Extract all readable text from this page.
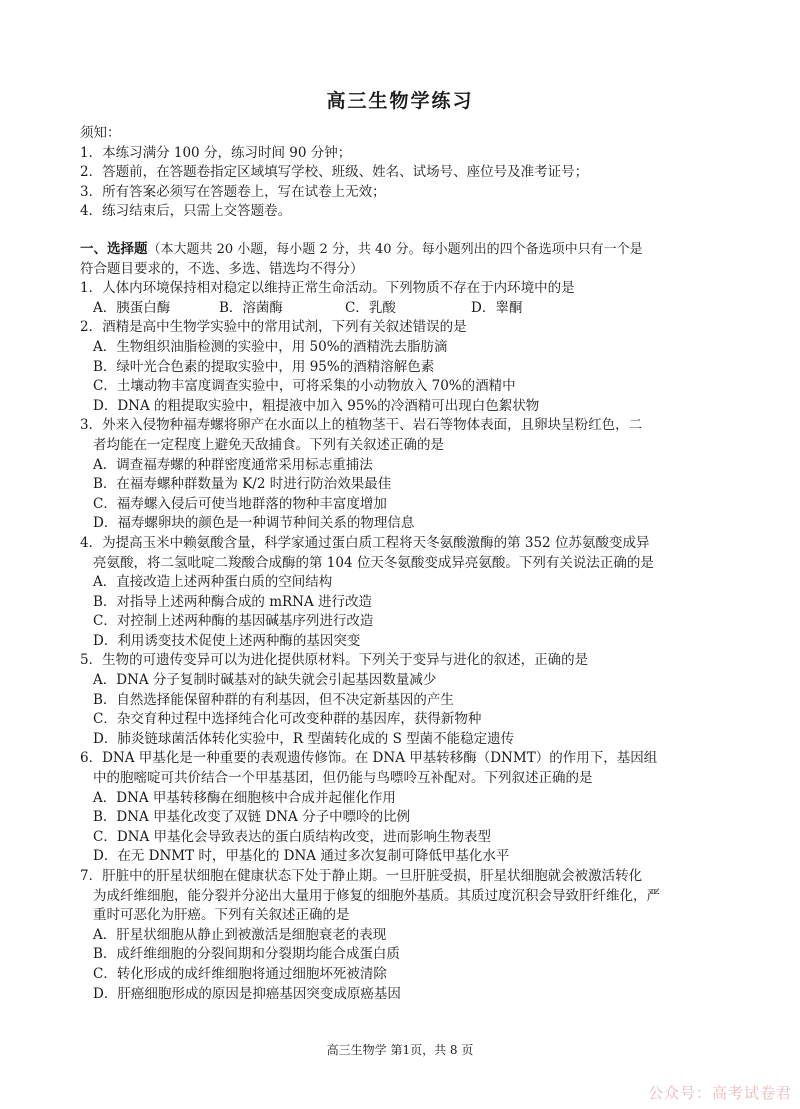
高三生物学练习
须知：
1．本练习满分 100 分，练习时间 90 分钟；
2．答题前，在答题卷指定区域填写学校、班级、姓名、试场号、座位号及准考证号；
3．所有答案必须写在答题卷上，写在试卷上无效；
4．练习结束后，只需上交答题卷。
一、选择题（本大题共 20 小题，每小题 2 分，共 40 分。每小题列出的四个备选项中只有一个是
符合题目要求的，不选、多选、错选均不得分）
1．人体内环境保持相对稳定以维持正常生命活动。下列物质不存在于内环境中的是
A．胰蛋白酶	B．溶菌酶	C．乳酸	D．睾酮
2．酒精是高中生物学实验中的常用试剂，下列有关叙述错误的是
A．生物组织油脂检测的实验中，用 50%的酒精洗去脂肪滴
B．绿叶光合色素的提取实验中，用 95%的酒精溶解色素
C．土壤动物丰富度调查实验中，可将采集的小动物放入 70%的酒精中
D．DNA 的粗提取实验中，粗提液中加入 95%的冷酒精可出现白色絮状物
3．外来入侵物种福寿螺将卵产在水面以上的植物茎干、岩石等物体表面，且卵块呈粉红色，二
者均能在一定程度上避免天敌捕食。下列有关叙述正确的是
A．调查福寿螺的种群密度通常采用标志重捕法
B．在福寿螺种群数量为 K/2 时进行防治效果最佳
C．福寿螺入侵后可使当地群落的物种丰富度增加
D．福寿螺卵块的颜色是一种调节种间关系的物理信息
4．为提高玉米中赖氨酸含量，科学家通过蛋白质工程将天冬氨酸激酶的第 352 位苏氨酸变成异
亮氨酸，将二氢吡啶二羧酸合成酶的第 104 位天冬氨酸变成异亮氨酸。下列有关说法正确的是
A．直接改造上述两种蛋白质的空间结构
B．对指导上述两种酶合成的 mRNA 进行改造
C．对控制上述两种酶的基因碱基序列进行改造
D．利用诱变技术促使上述两种酶的基因突变
5．生物的可遗传变异可以为进化提供原材料。下列关于变异与进化的叙述，正确的是
A．DNA 分子复制时碱基对的缺失就会引起基因数量减少
B．自然选择能保留种群的有利基因，但不决定新基因的产生
C．杂交育种过程中选择纯合化可改变种群的基因库，获得新物种
D．肺炎链球菌活体转化实验中，R 型菌转化成的 S 型菌不能稳定遗传
6．DNA 甲基化是一种重要的表观遗传修饰。在 DNA 甲基转移酶（DNMT）的作用下，基因组
中的胞嘧啶可共价结合一个甲基基团，但仍能与鸟嘌呤互补配对。下列叙述正确的是
A．DNA 甲基转移酶在细胞核中合成并起催化作用
B．DNA 甲基化改变了双链 DNA 分子中嘌呤的比例
C．DNA 甲基化会导致表达的蛋白质结构改变，进而影响生物表型
D．在无 DNMT 时，甲基化的 DNA 通过多次复制可降低甲基化水平
7．肝脏中的肝星状细胞在健康状态下处于静止期。一旦肝脏受损，肝星状细胞就会被激活转化
为成纤维细胞，能分裂并分泌出大量用于修复的细胞外基质。其质过度沉积会导致肝纤维化，严
重时可恶化为肝癌。下列有关叙述正确的是
A．肝星状细胞从静止到被激活是细胞衰老的表现
B．成纤维细胞的分裂间期和分裂期均能合成蛋白质
C．转化形成的成纤维细胞将通过细胞坏死被清除
D．肝癌细胞形成的原因是抑癌基因突变成原癌基因
高三生物学 第1页，共 8 页
公众号：高考试卷君
